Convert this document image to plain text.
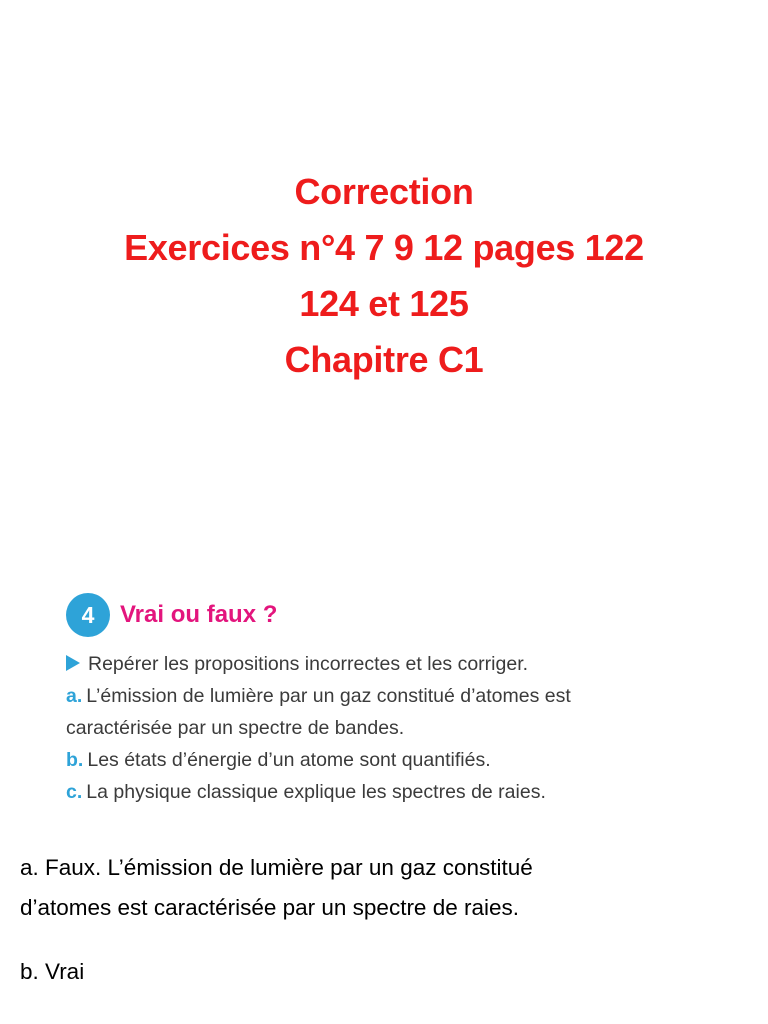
Correction
Exercices n°4 7 9 12 pages 122
124 et 125
Chapitre C1
4	Vrai ou faux ?
Repérer les propositions incorrectes et les corriger.
a. L’émission de lumière par un gaz constitué d’atomes est
caractérisée par un spectre de bandes.
b. Les états d’énergie d’un atome sont quantifiés.
c. La physique classique explique les spectres de raies.
a. Faux. L’émission de lumière par un gaz constitué
d’atomes est caractérisée par un spectre de raies.
b. Vrai
